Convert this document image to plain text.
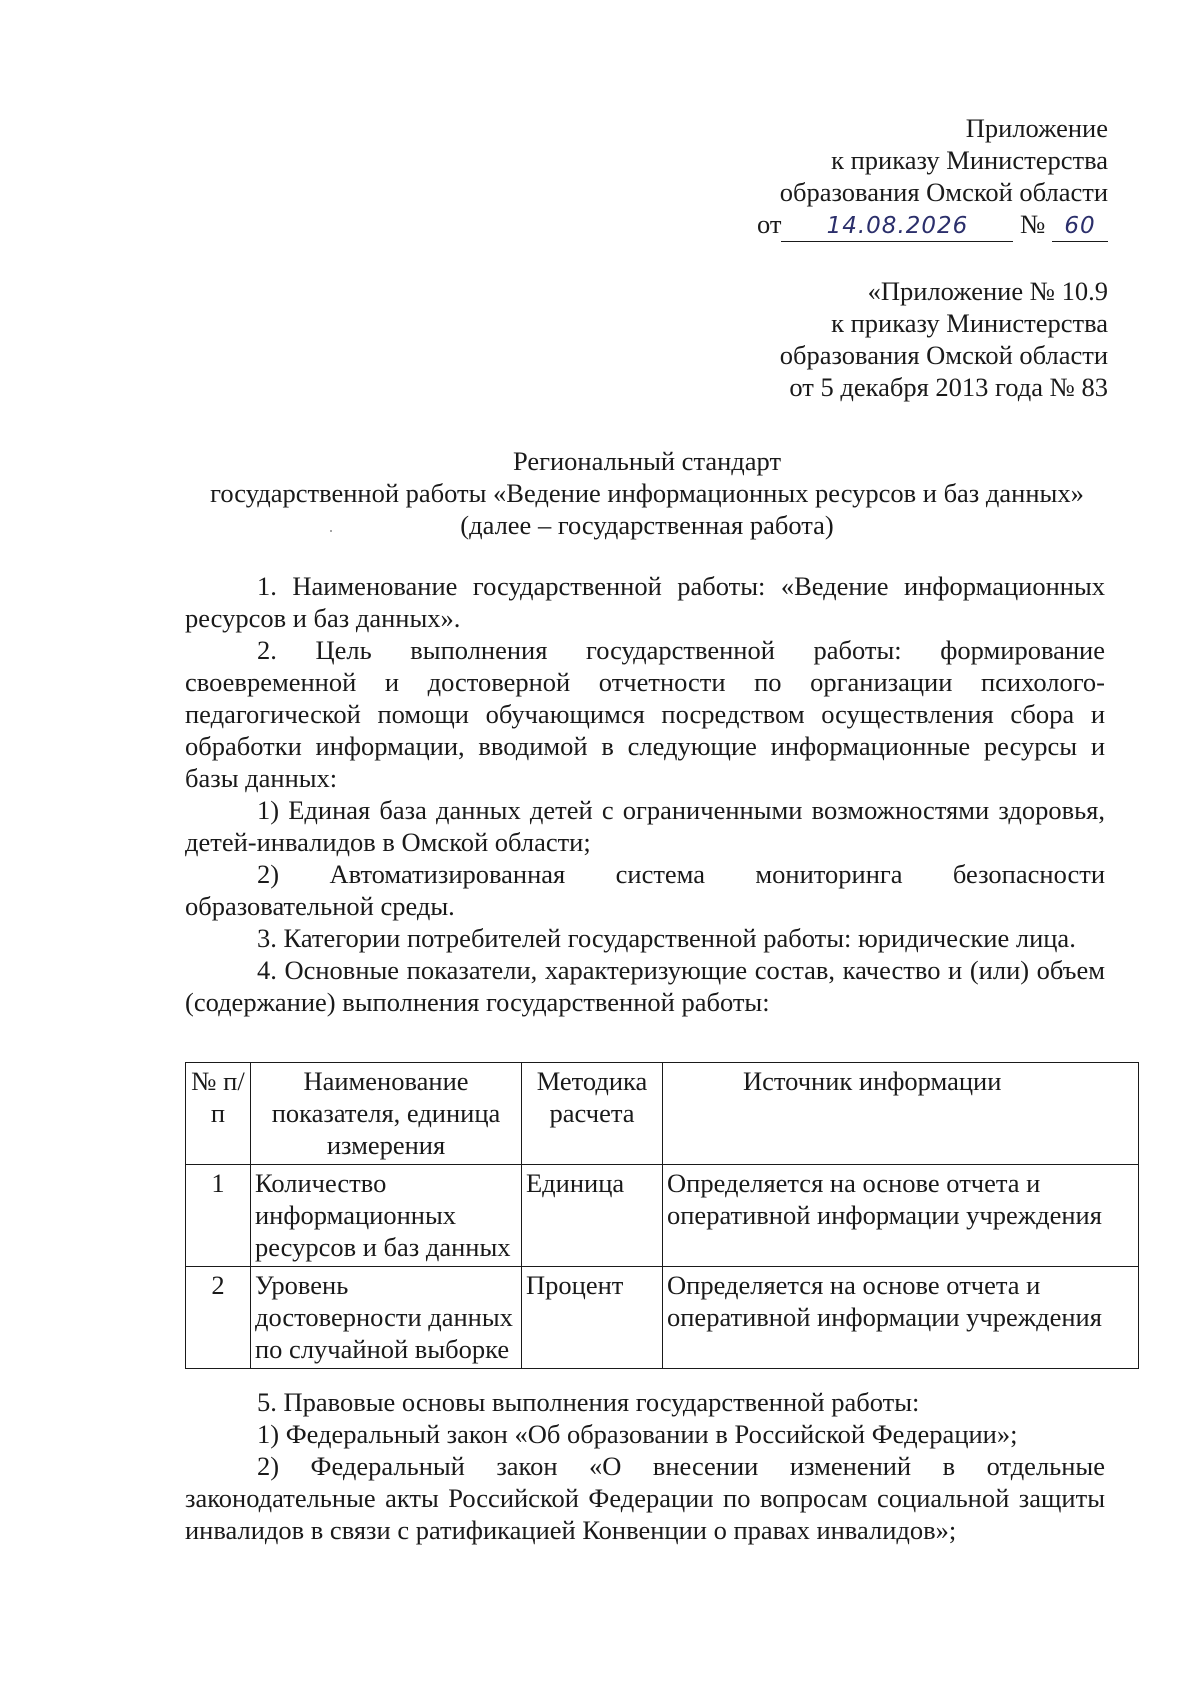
Приложение
к приказу Министерства
образования Омской области
от 14.08.2026 № 60
«Приложение № 10.9
к приказу Министерства
образования Омской области
от 5 декабря 2013 года № 83
Региональный стандарт
государственной работы «Ведение информационных ресурсов и баз данных»
(далее – государственная работа)

1. Наименование государственной работы: «Ведение информационных ресурсов и баз данных».

2. Цель выполнения государственной работы: формирование своевременной и достоверной отчетности по организации психолого-педагогической помощи обучающимся посредством осуществления сбора и обработки информации, вводимой в следующие информационные ресурсы и базы данных:

1) Единая база данных детей с ограниченными возможностями здоровья, детей-инвалидов в Омской области;

2) Автоматизированная система мониторинга безопасности образовательной среды.

3. Категории потребителей государственной работы: юридические лица.

4. Основные показатели, характеризующие состав, качество и (или) объем (содержание) выполнения государственной работы:

№ п/п	Наименование показателя, единица измерения	Методика расчета	Источник информации
1	Количество информационных ресурсов и баз данных	Единица	Определяется на основе отчета и оперативной информации учреждения
2	Уровень достоверности данных по случайной выборке	Процент	Определяется на основе отчета и оперативной информации учреждения

5. Правовые основы выполнения государственной работы:

1) Федеральный закон «Об образовании в Российской Федерации»;

2) Федеральный закон «О внесении изменений в отдельные законодательные акты Российской Федерации по вопросам социальной защиты инвалидов в связи с ратификацией Конвенции о правах инвалидов»;
